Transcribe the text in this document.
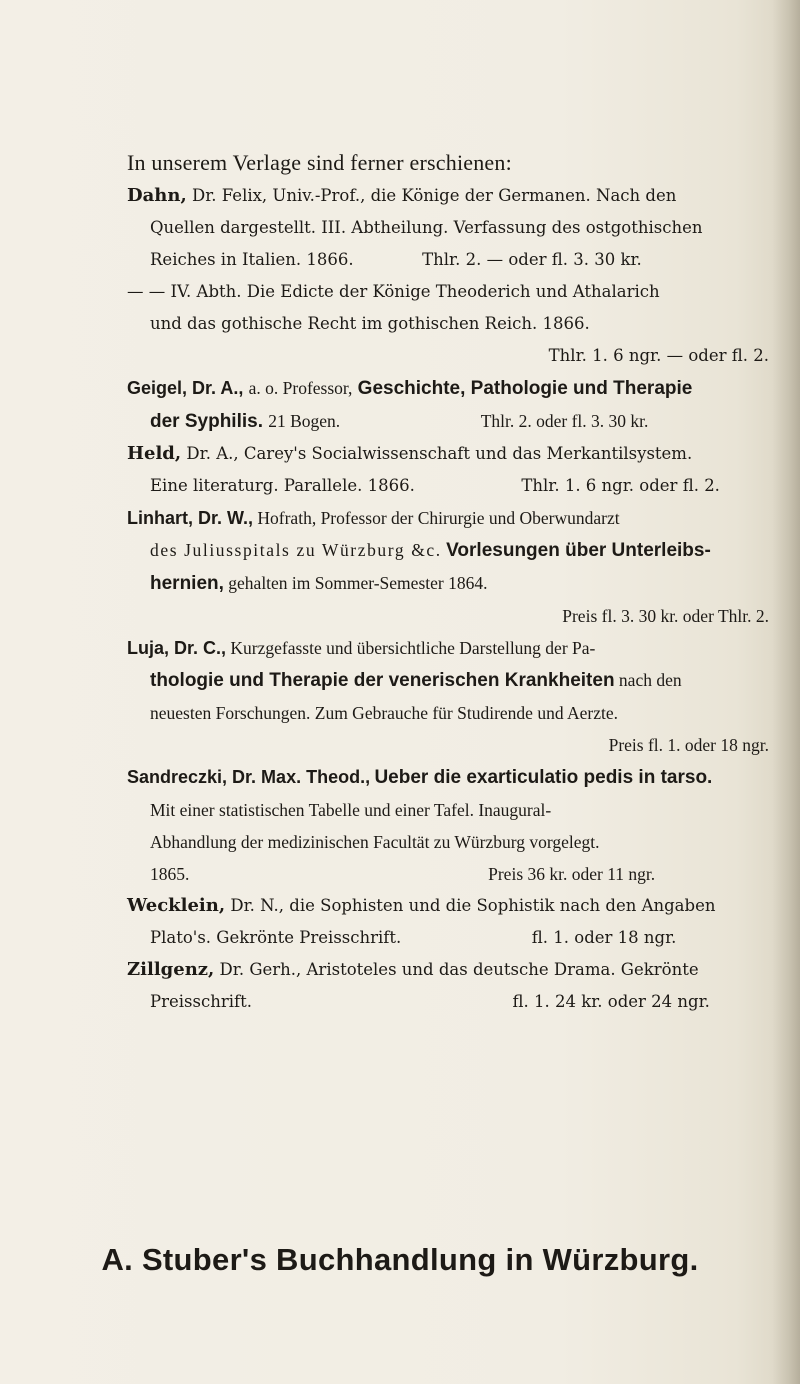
In unserem Verlage sind ferner erschienen:
Dahn, Dr. Felix, Univ.-Prof., die Könige der Germanen. Nach den
Quellen dargestellt. III. Abtheilung. Verfassung des ostgothischen
Reiches in Italien. 1866.	Thlr. 2. — oder fl. 3. 30 kr.
— — IV. Abth. Die Edicte der Könige Theoderich und Athalarich
und das gothische Recht im gothischen Reich. 1866.
Thlr. 1. 6 ngr. — oder fl. 2.
Geigel, Dr. A., a. o. Professor, Geschichte, Pathologie und Therapie
der Syphilis. 21 Bogen.	Thlr. 2. oder fl. 3. 30 kr.
Held, Dr. A., Carey's Socialwissenschaft und das Merkantilsystem.
Eine literaturg. Parallele. 1866.	Thlr. 1. 6 ngr. oder fl. 2.
Linhart, Dr. W., Hofrath, Professor der Chirurgie und Oberwundarzt
des Juliusspitals zu Würzburg &c. Vorlesungen über Unterleibs-
hernien, gehalten im Sommer-Semester 1864.
Preis fl. 3. 30 kr. oder Thlr. 2.
Luja, Dr. C., Kurzgefasste und übersichtliche Darstellung der Pa-
thologie und Therapie der venerischen Krankheiten nach den
neuesten Forschungen. Zum Gebrauche für Studirende und Aerzte.
Preis fl. 1. oder 18 ngr.
Sandreczki, Dr. Max. Theod., Ueber die exarticulatio pedis in tarso.
Mit einer statistischen Tabelle und einer Tafel. Inaugural-
Abhandlung der medizinischen Facultät zu Würzburg vorgelegt.
1865.	Preis 36 kr. oder 11 ngr.
Wecklein, Dr. N., die Sophisten und die Sophistik nach den Angaben
Plato's. Gekrönte Preisschrift.	fl. 1. oder 18 ngr.
Zillgenz, Dr. Gerh., Aristoteles und das deutsche Drama. Gekrönte
Preisschrift.	fl. 1. 24 kr. oder 24 ngr.
A. Stuber's Buchhandlung in Würzburg.
